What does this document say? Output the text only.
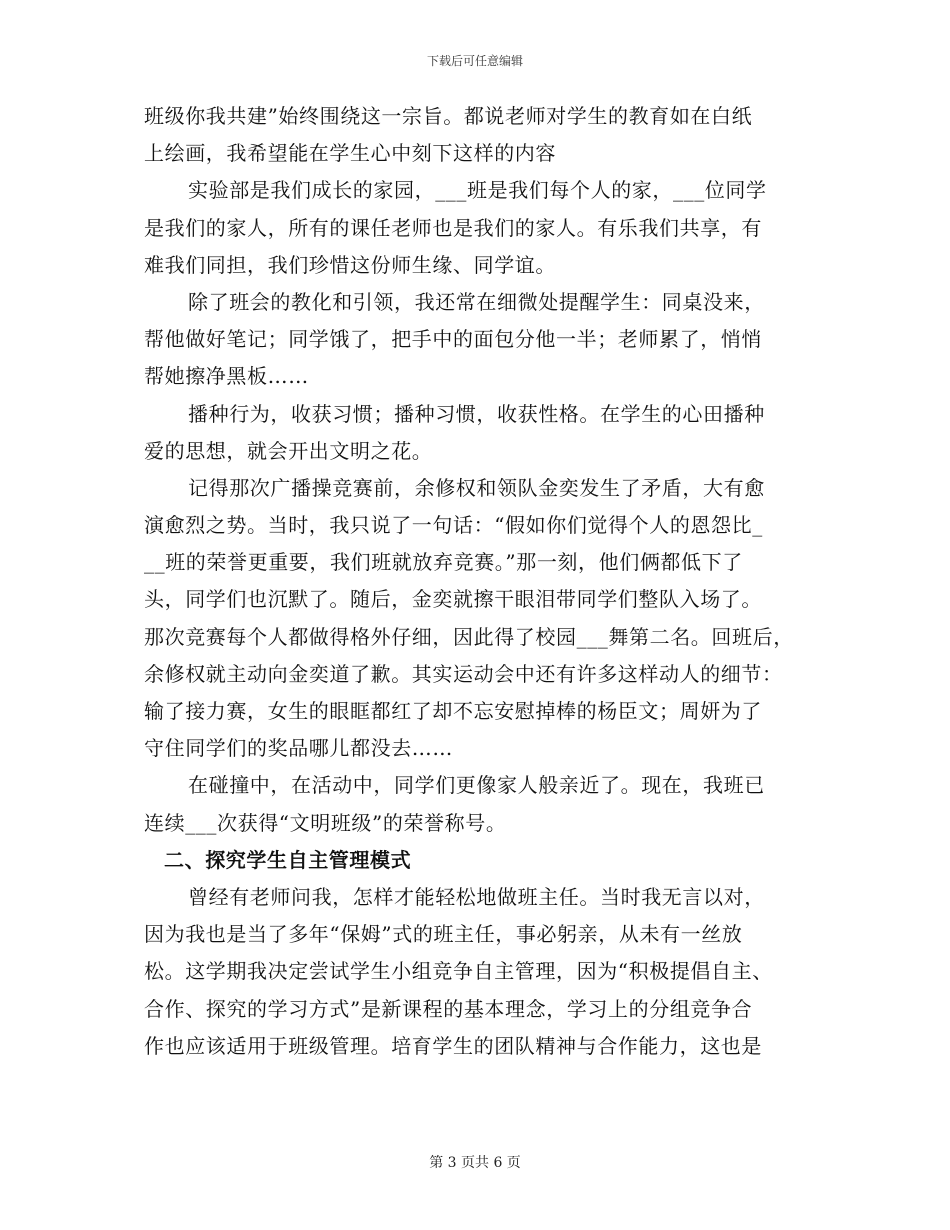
下载后可任意编辑
班级你我共建”始终围绕这一宗旨。都说老师对学生的教育如在白纸
上绘画，我希望能在学生心中刻下这样的内容
实验部是我们成长的家园，___班是我们每个人的家，___位同学
是我们的家人，所有的课任老师也是我们的家人。有乐我们共享，有
难我们同担，我们珍惜这份师生缘、同学谊。
除了班会的教化和引领，我还常在细微处提醒学生：同桌没来，
帮他做好笔记；同学饿了，把手中的面包分他一半；老师累了，悄悄
帮她擦净黑板……
播种行为，收获习惯；播种习惯，收获性格。在学生的心田播种
爱的思想，就会开出文明之花。
记得那次广播操竞赛前，余修权和领队金奕发生了矛盾，大有愈
演愈烈之势。当时，我只说了一句话：“假如你们觉得个人的恩怨比_
__班的荣誉更重要，我们班就放弃竞赛。”那一刻，他们俩都低下了
头，同学们也沉默了。随后，金奕就擦干眼泪带同学们整队入场了。
那次竞赛每个人都做得格外仔细，因此得了校园___舞第二名。回班后，
余修权就主动向金奕道了歉。其实运动会中还有许多这样动人的细节：
输了接力赛，女生的眼眶都红了却不忘安慰掉棒的杨臣文；周妍为了
守住同学们的奖品哪儿都没去……
在碰撞中，在活动中，同学们更像家人般亲近了。现在，我班已
连续___次获得“文明班级”的荣誉称号。
二、探究学生自主管理模式
曾经有老师问我，怎样才能轻松地做班主任。当时我无言以对，
因为我也是当了多年“保姆”式的班主任，事必躬亲，从未有一丝放
松。这学期我决定尝试学生小组竞争自主管理，因为“积极提倡自主、
合作、探究的学习方式”是新课程的基本理念，学习上的分组竞争合
作也应该适用于班级管理。培育学生的团队精神与合作能力，这也是
第 3 页共 6 页
